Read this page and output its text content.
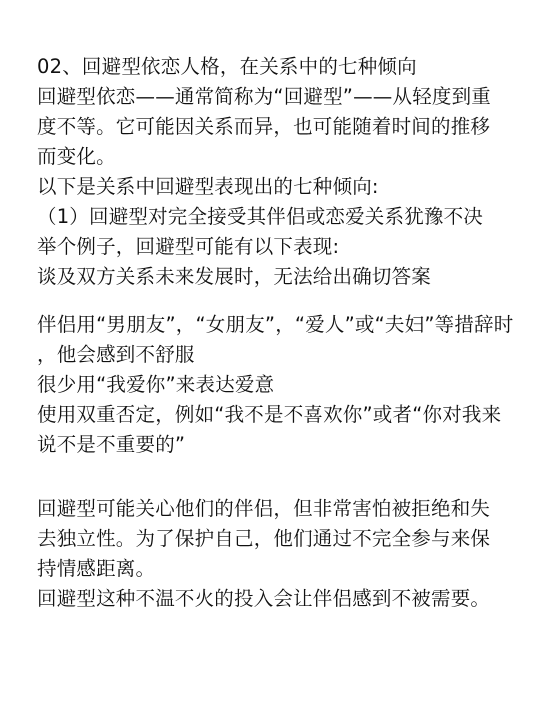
02、回避型依恋人格，在关系中的七种倾向
回避型依恋——通常简称为“回避型”——从轻度到重
度不等。它可能因关系而异，也可能随着时间的推移
而变化。
以下是关系中回避型表现出的七种倾向:
（1）回避型对完全接受其伴侣或恋爱关系犹豫不决
举个例子，回避型可能有以下表现:
谈及双方关系未来发展时，无法给出确切答案
伴侣用“男朋友”，“女朋友”，“爱人”或“夫妇”等措辞时
，他会感到不舒服
很少用“我爱你”来表达爱意
使用双重否定，例如“我不是不喜欢你”或者“你对我来
说不是不重要的”
回避型可能关心他们的伴侣，但非常害怕被拒绝和失
去独立性。为了保护自己，他们通过不完全参与来保
持情感距离。
回避型这种不温不火的投入会让伴侣感到不被需要。
